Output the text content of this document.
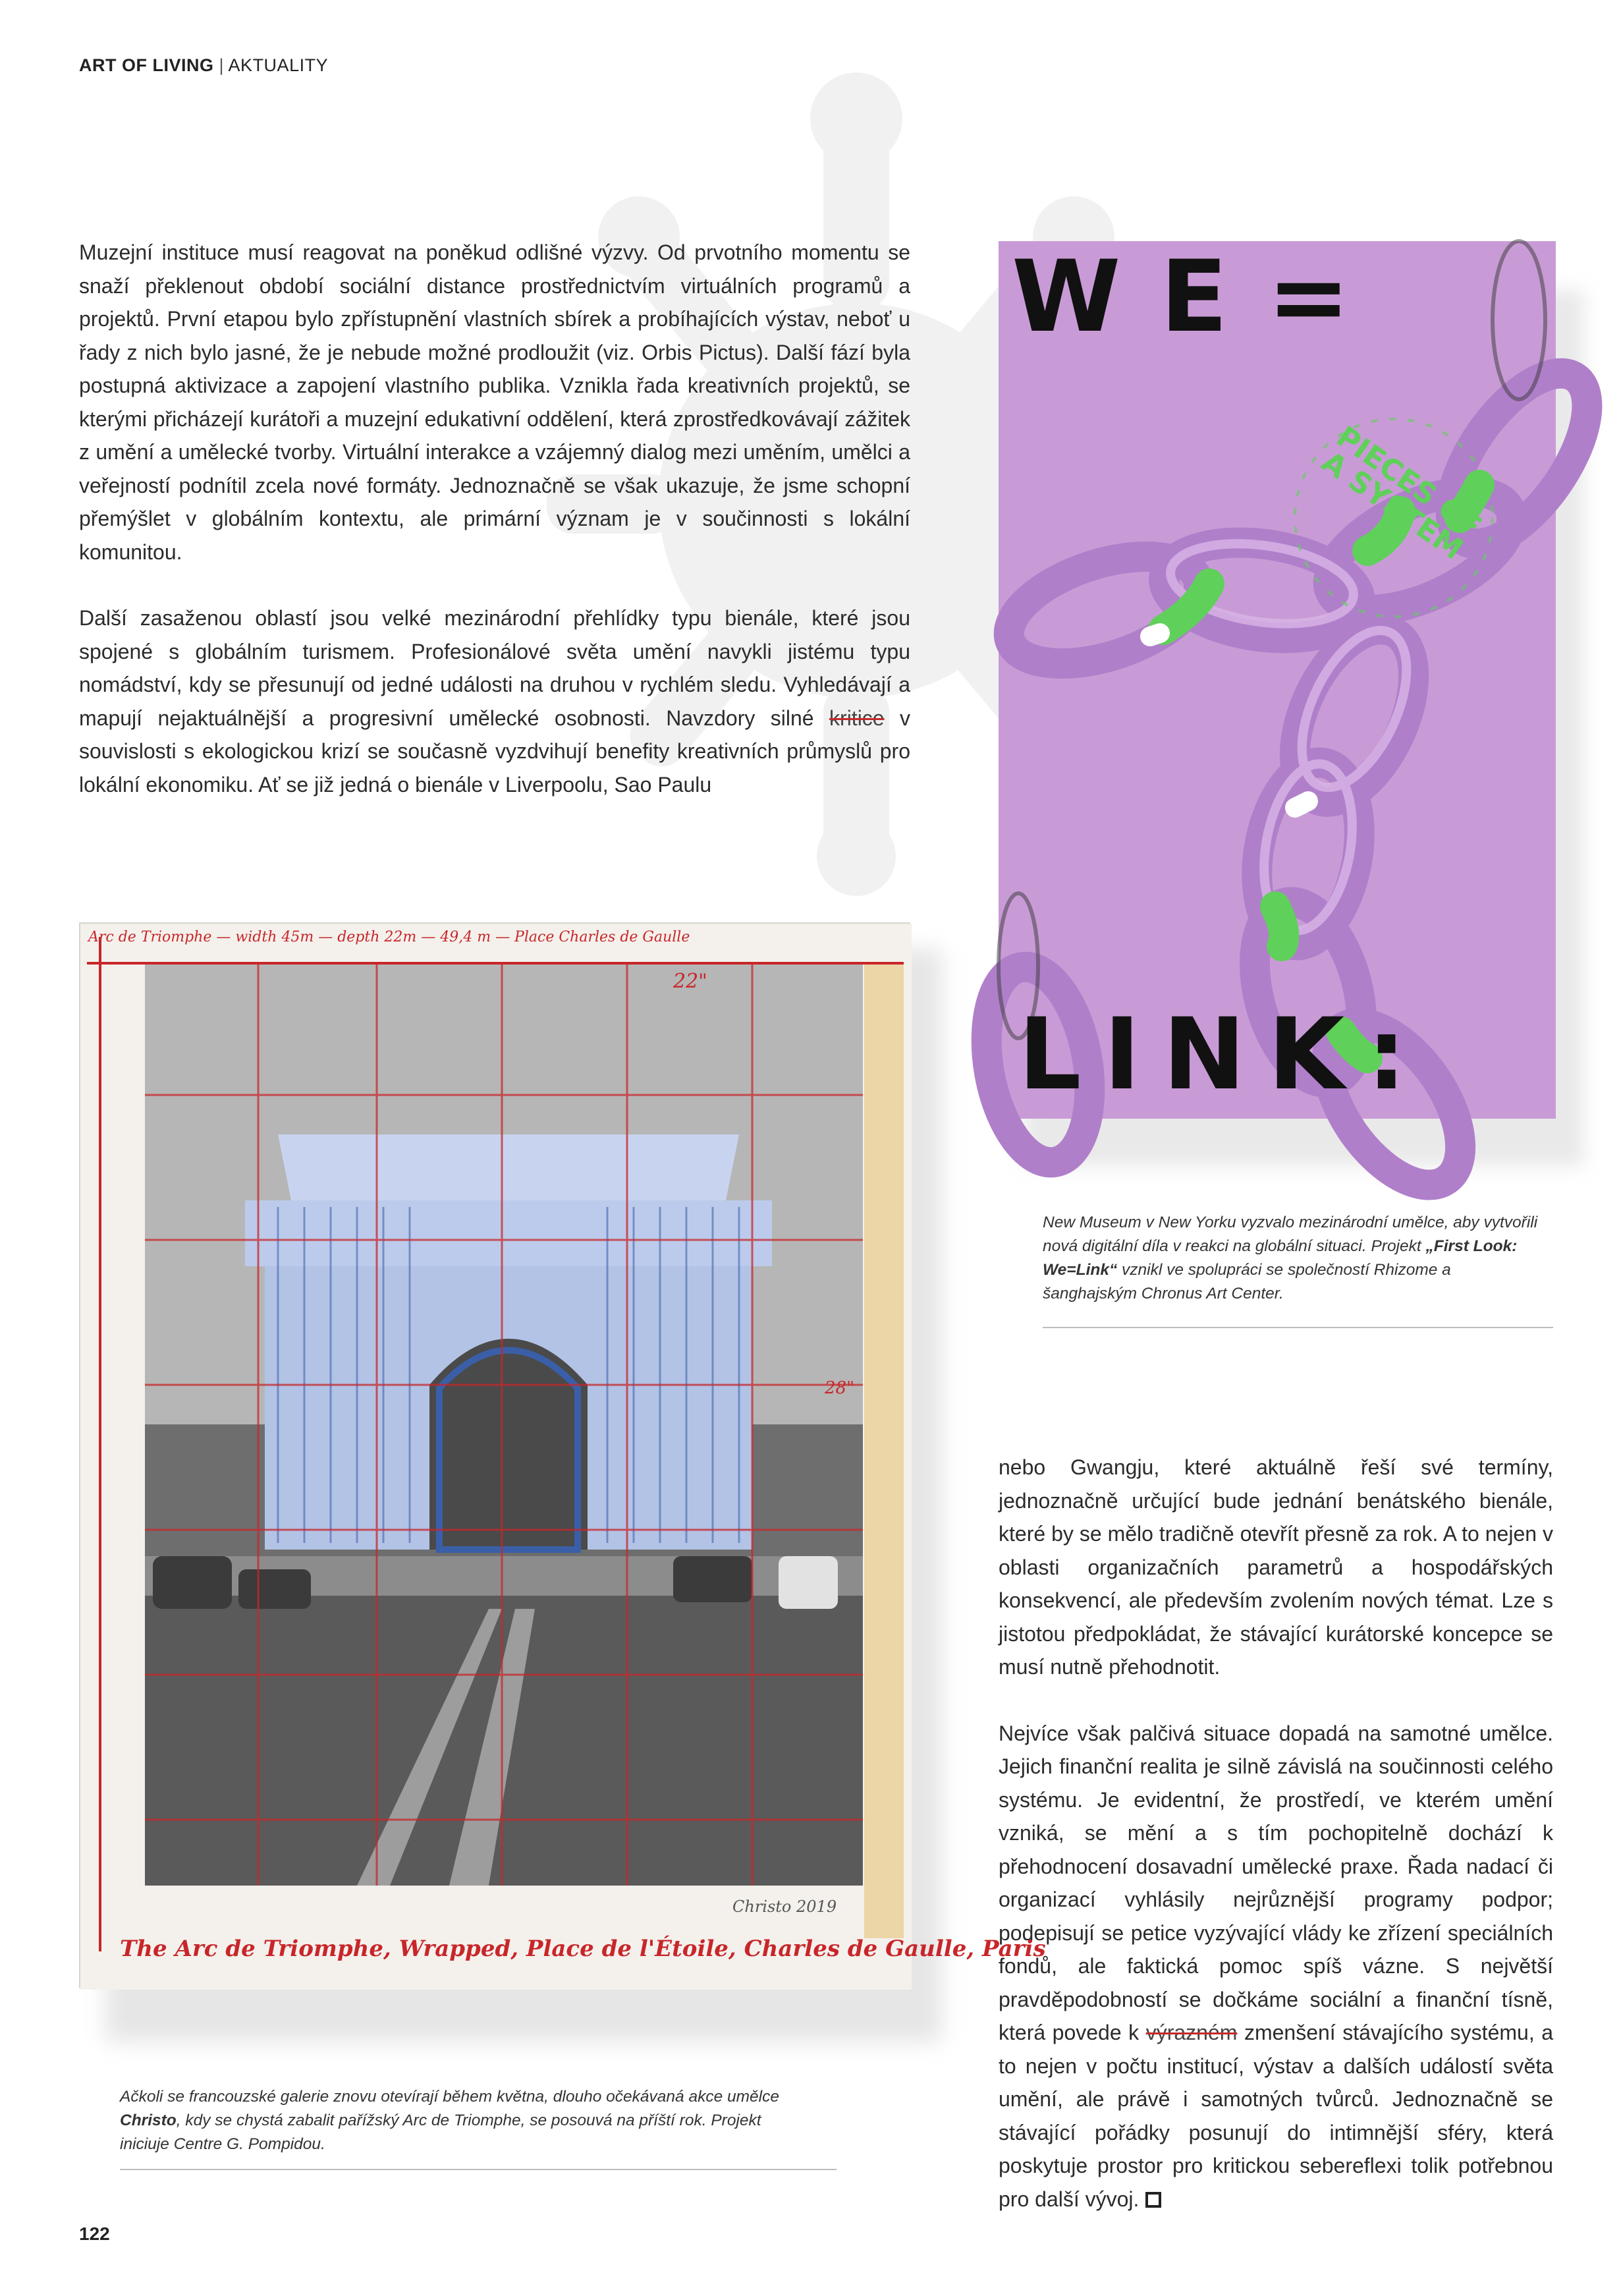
ART OF LIVING | AKTUALITY

Muzejní instituce musí reagovat na poněkud odlišné výzvy. Od prvotního momentu se snaží překlenout období sociální distance prostřednictvím virtuálních programů a projektů. První etapou bylo zpřístupnění vlastních sbírek a probíhajících výstav, neboť u řady z nich bylo jasné, že je nebude možné prodloužit (viz. Orbis Pictus). Další fází byla postupná aktivizace a zapojení vlastního publika. Vznikla řada kreativních projektů, se kterými přicházejí kurátoři a muzejní edukativní oddělení, která zprostředkovávají zážitek z umění a umělecké tvorby. Virtuální interakce a vzájemný dialog mezi uměním, umělci a veřejností podnítil zcela nové formáty. Jednoznačně se však ukazuje, že jsme schopní přemýšlet v globálním kontextu, ale primární význam je v součinnosti s lokální komunitou.

Další zasaženou oblastí jsou velké mezinárodní přehlídky typu bienále, které jsou spojené s globálním turismem. Profesionálové světa umění navykli jistému typu nomádství, kdy se přesunují od jedné události na druhou v rychlém sledu. Vyhledávají a mapují nejaktuálnější a progresivní umělecké osobnosti. Navzdory silné kritice v souvislosti s ekologickou krizí se současně vyzdvihují benefity kreativních průmyslů pro lokální ekonomiku. Ať se již jedná o bienále v Liverpoolu, Sao Paulu

WE=
PIECES OF A SYSTEM
LINK:
New Museum v New Yorku vyzvalo mezinárodní umělce, aby vytvořili nová digitální díla v reakci na globální situaci. Projekt „First Look: We=Link“ vznikl ve spolupráci se společností Rhizome a šanghajským Chronus Art Center.
Arc de Triomphe — width 45m — depth 22m — 49,4 m — Place Charles de Gaulle
22"
28"
Christo 2019
The Arc de Triomphe, Wrapped, Place de l'Étoile, Charles de Gaulle, Paris
Ačkoli se francouzské galerie znovu otevírají během května, dlouho očekávaná akce umělce Christo, kdy se chystá zabalit pařížský Arc de Triomphe, se posouvá na příští rok. Projekt iniciuje Centre G. Pompidou.

nebo Gwangju, které aktuálně řeší své termíny, jednoznačně určující bude jednání benátského bienále, které by se mělo tradičně otevřít přesně za rok. A to nejen v oblasti organizačních parametrů a hospodářských konsekvencí, ale především zvolením nových témat. Lze s jistotou předpokládat, že stávající kurátorské koncepce se musí nutně přehodnotit.

Nejvíce však palčivá situace dopadá na samotné umělce. Jejich finanční realita je silně závislá na součinnosti celého systému. Je evidentní, že prostředí, ve kterém umění vzniká, se mění a s tím pochopitelně dochází k přehodnocení dosavadní umělecké praxe. Řada nadací či organizací vyhlásily nejrůznější programy podpor; podepisují se petice vyzývající vlády ke zřízení speciálních fondů, ale faktická pomoc spíš vázne. S největší pravděpodobností se dočkáme sociální a finanční tísně, která povede k výrazném zmenšení stávajícího systému, a to nejen v počtu institucí, výstav a dalších událostí světa umění, ale právě i samotných tvůrců. Jednoznačně se stávající pořádky posunují do intimnější sféry, která poskytuje prostor pro kritickou sebereflexi tolik potřebnou pro další vývoj.

122
